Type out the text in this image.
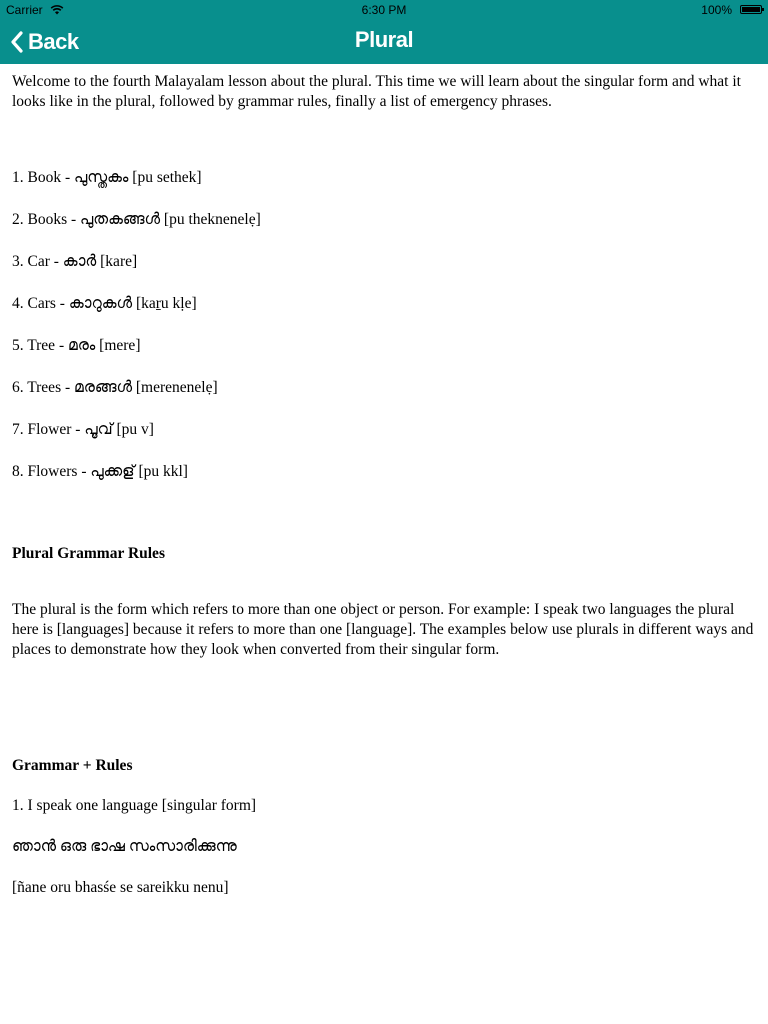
Carrier	6:30 PM	100%
Plural
Back

Welcome to the fourth Malayalam lesson about the plural. This time we will learn about the singular form and what it looks like in the plural, followed by grammar rules, finally a list of emergency phrases.

1. Book - പുസ്തകം [pu sethek]

2. Books - പുതകങ്ങൾ [pu theknenelẹ]

3. Car - കാർ [kare]

4. Cars - കാറുകൾ [kaṟu kḷe]

5. Tree - മരം [mere]

6. Trees - മരങ്ങൾ [merenenelẹ]

7. Flower - പൂവ് [pu v]

8. Flowers - പുക്കള് [pu kkl]

Plural Grammar Rules

The plural is the form which refers to more than one object or person. For example: I speak two languages the plural here is [languages] because it refers to more than one [language]. The examples below use plurals in different ways and places to demonstrate how they look when converted from their singular form.

Grammar + Rules

1. I speak one language [singular form]

ഞാൻ ഒരു ഭാഷ സംസാരിക്കുന്നു

[ñane oru bhasśe se sareikku nenu]
